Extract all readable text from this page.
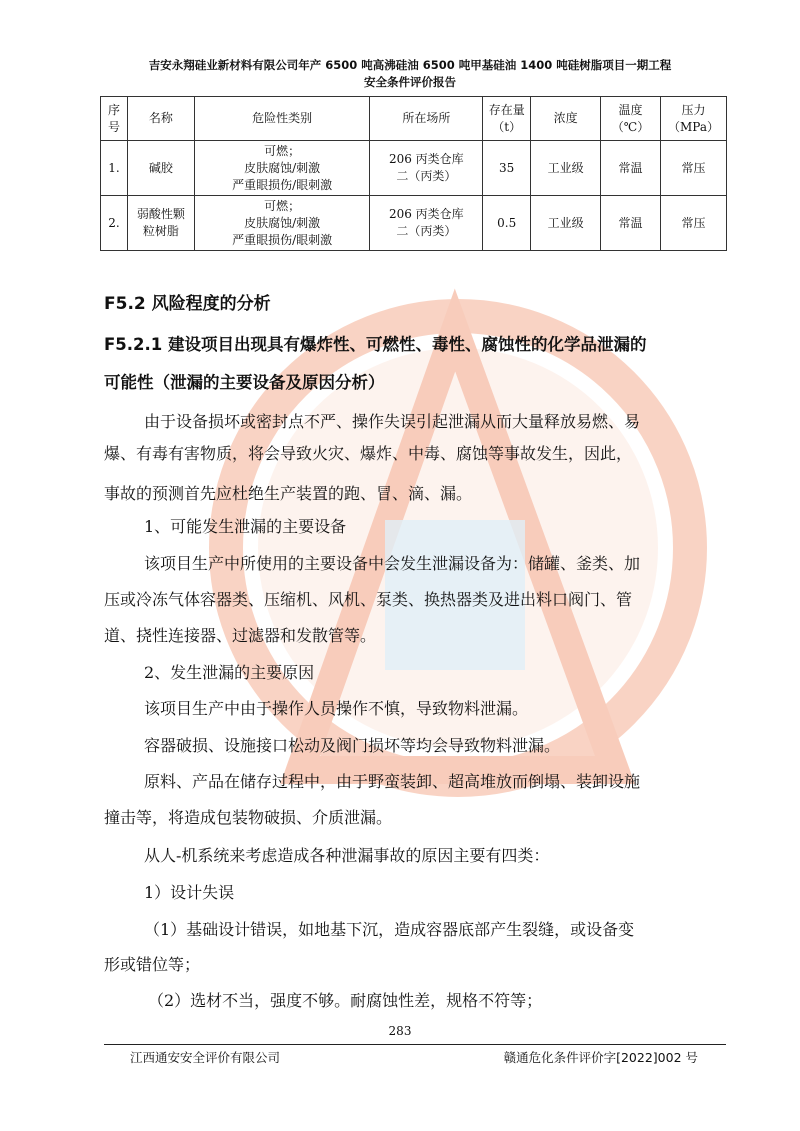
吉安永翔硅业新材料有限公司年产 6500 吨高沸硅油 6500 吨甲基硅油 1400 吨硅树脂项目一期工程
安全条件评价报告
序号	名称	危险性类别	所在场所	存在量（t）	浓度	温度（℃）	压力（MPa）
1.	碱胶	可燃；
皮肤腐蚀/刺激
严重眼损伤/眼刺激	206 丙类仓库
二（丙类）	35	工业级	常温	常压
2.	弱酸性颗
粒树脂	可燃；
皮肤腐蚀/刺激
严重眼损伤/眼刺激	206 丙类仓库
二（丙类）	0.5	工业级	常温	常压
F5.2 风险程度的分析
F5.2.1 建设项目出现具有爆炸性、可燃性、毒性、腐蚀性的化学品泄漏的
可能性（泄漏的主要设备及原因分析）
由于设备损坏或密封点不严、操作失误引起泄漏从而大量释放易燃、易
爆、有毒有害物质，将会导致火灾、爆炸、中毒、腐蚀等事故发生，因此，
事故的预测首先应杜绝生产装置的跑、冒、滴、漏。
1、可能发生泄漏的主要设备
该项目生产中所使用的主要设备中会发生泄漏设备为：储罐、釜类、加
压或冷冻气体容器类、压缩机、风机、泵类、换热器类及进出料口阀门、管
道、挠性连接器、过滤器和发散管等。
2、发生泄漏的主要原因
该项目生产中由于操作人员操作不慎，导致物料泄漏。
容器破损、设施接口松动及阀门损坏等均会导致物料泄漏。
原料、产品在储存过程中，由于野蛮装卸、超高堆放而倒塌、装卸设施
撞击等，将造成包装物破损、介质泄漏。
从人-机系统来考虑造成各种泄漏事故的原因主要有四类：
1）设计失误
（1）基础设计错误，如地基下沉，造成容器底部产生裂缝，或设备变
形或错位等；
（2）选材不当，强度不够。耐腐蚀性差，规格不符等；
283
江西通安安全评价有限公司	赣通危化条件评价字[2022]002 号
